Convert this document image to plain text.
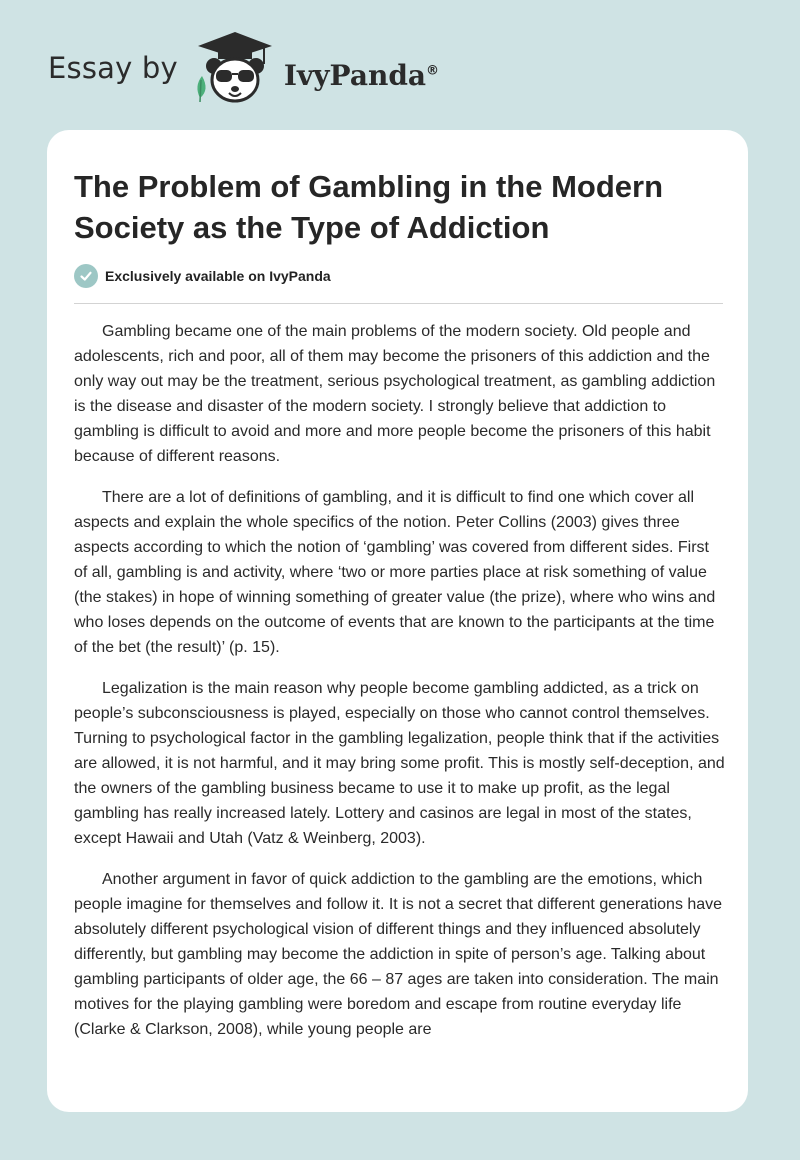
Essay by	IvyPanda®
The Problem of Gambling in the Modern Society as the Type of Addiction
Exclusively available on IvyPanda

Gambling became one of the main problems of the modern society. Old people and adolescents, rich and poor, all of them may become the prisoners of this addiction and the only way out may be the treatment, serious psychological treatment, as gambling addiction is the disease and disaster of the modern society. I strongly believe that addiction to gambling is difficult to avoid and more and more people become the prisoners of this habit because of different reasons.

There are a lot of definitions of gambling, and it is difficult to find one which cover all aspects and explain the whole specifics of the notion. Peter Collins (2003) gives three aspects according to which the notion of ‘gambling’ was covered from different sides. First of all, gambling is and activity, where ‘two or more parties place at risk something of value (the stakes) in hope of winning something of greater value (the prize), where who wins and who loses depends on the outcome of events that are known to the participants at the time of the bet (the result)’ (p. 15).

Legalization is the main reason why people become gambling addicted, as a trick on people’s subconsciousness is played, especially on those who cannot control themselves. Turning to psychological factor in the gambling legalization, people think that if the activities are allowed, it is not harmful, and it may bring some profit. This is mostly self-deception, and the owners of the gambling business became to use it to make up profit, as the legal gambling has really increased lately. Lottery and casinos are legal in most of the states, except Hawaii and Utah (Vatz & Weinberg, 2003).

Another argument in favor of quick addiction to the gambling are the emotions, which people imagine for themselves and follow it. It is not a secret that different generations have absolutely different psychological vision of different things and they influenced absolutely differently, but gambling may become the addiction in spite of person’s age. Talking about gambling participants of older age, the 66 – 87 ages are taken into consideration. The main motives for the playing gambling were boredom and escape from routine everyday life (Clarke & Clarkson, 2008), while young people are
